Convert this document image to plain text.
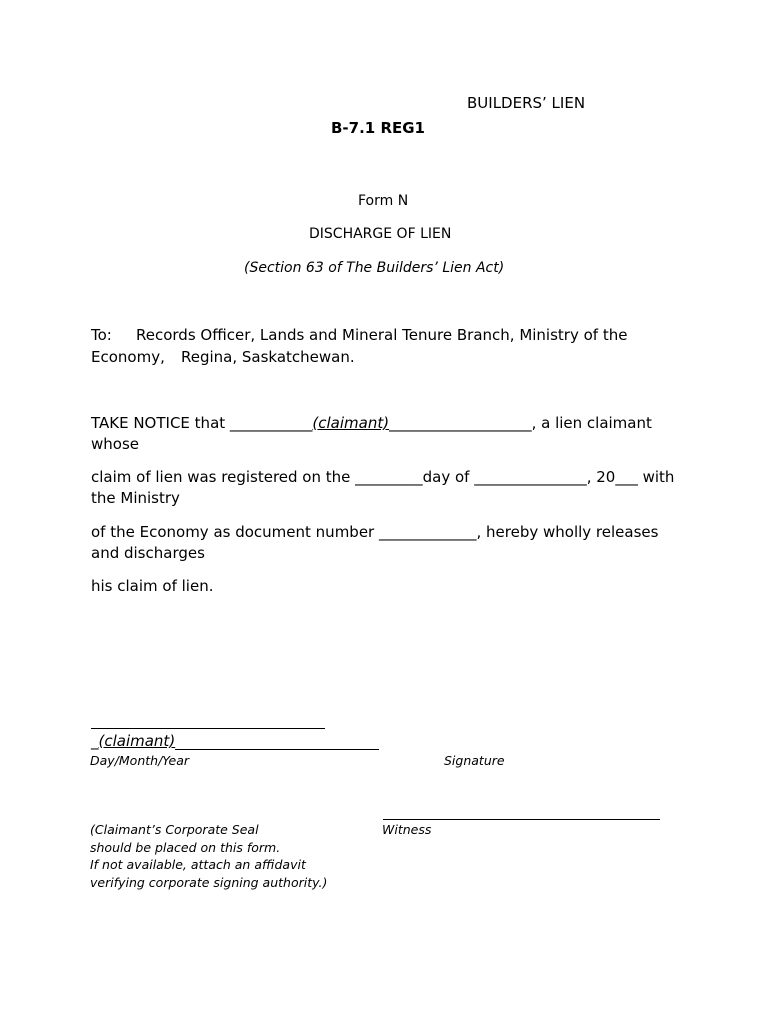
BUILDERS’ LIEN
B-7.1 REG1
Form N
DISCHARGE OF LIEN
(Section 63 of The Builders’ Lien Act)
To: Records Officer, Lands and Mineral Tenure Branch, Ministry of the
Economy, Regina, Saskatchewan.
TAKE NOTICE that ___________(claimant)___________________, a lien claimant
whose
claim of lien was registered on the _________day of _______________, 20___ with
the Ministry
of the Economy as document number _____________, hereby wholly releases
and discharges
his claim of lien.
_(claimant)
Day/Month/Year	Signature
Witness
(Claimant’s Corporate Seal
should be placed on this form.
If not available, attach an affidavit
verifying corporate signing authority.)
